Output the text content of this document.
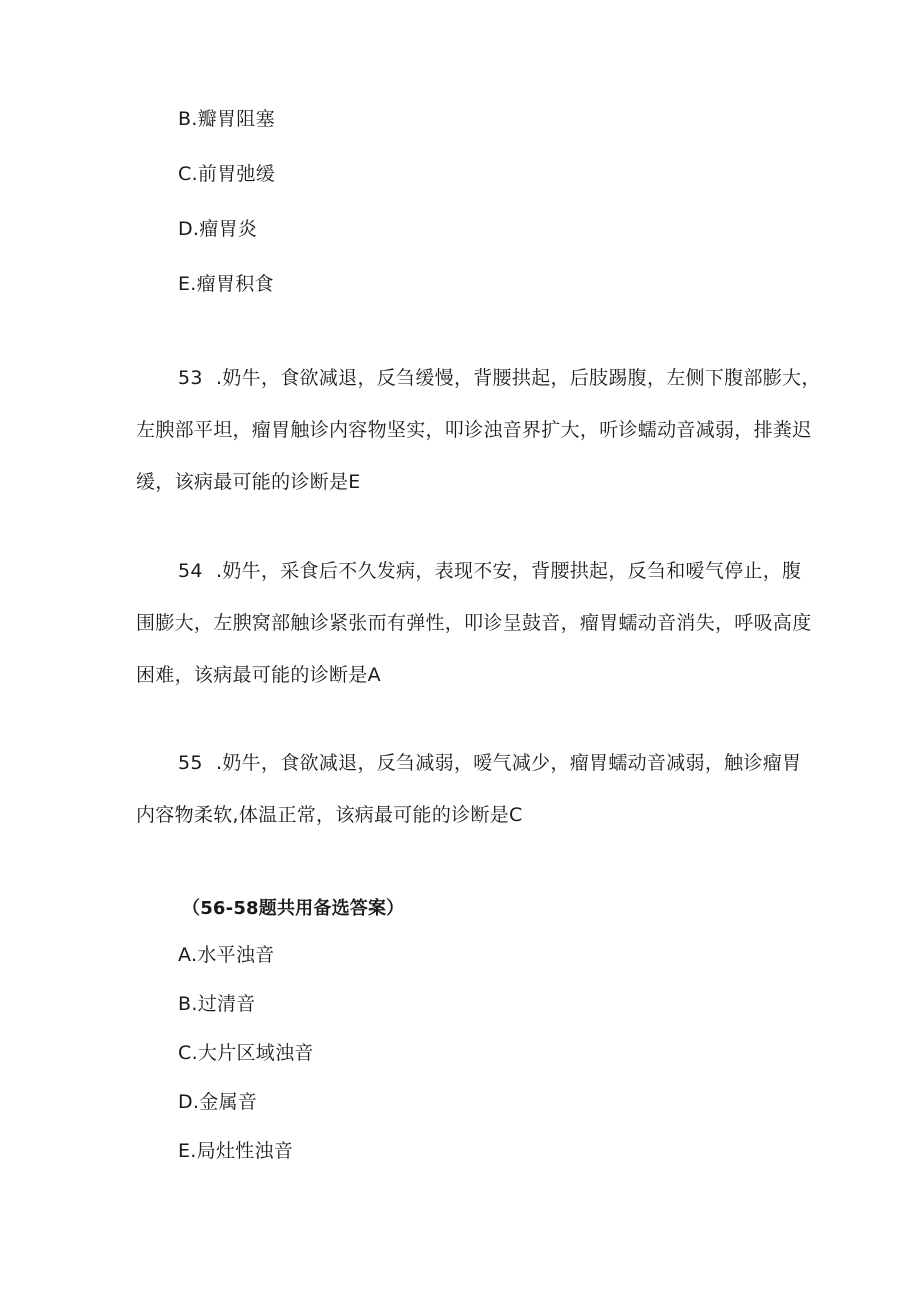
B.瓣胃阻塞
C.前胃弛缓
D.瘤胃炎
E.瘤胃积食

53 .奶牛，食欲减退，反刍缓慢，背腰拱起，后肢踢腹，左侧下腹部膨大，

左腴部平坦，瘤胃触诊内容物坚实，叩诊浊音界扩大，听诊蠕动音减弱，排粪迟

缓，该病最可能的诊断是E

54 .奶牛，采食后不久发病，表现不安，背腰拱起，反刍和嗳气停止，腹

围膨大，左腴窝部触诊紧张而有弹性，叩诊呈鼓音，瘤胃蠕动音消失，呼吸高度

困难，该病最可能的诊断是A

55 .奶牛，食欲减退，反刍减弱，嗳气减少，瘤胃蠕动音减弱，触诊瘤胃

内容物柔软,体温正常，该病最可能的诊断是C

（56-58题共用备选答案）
A.水平浊音
B.过清音
C.大片区域浊音
D.金属音
E.局灶性浊音
